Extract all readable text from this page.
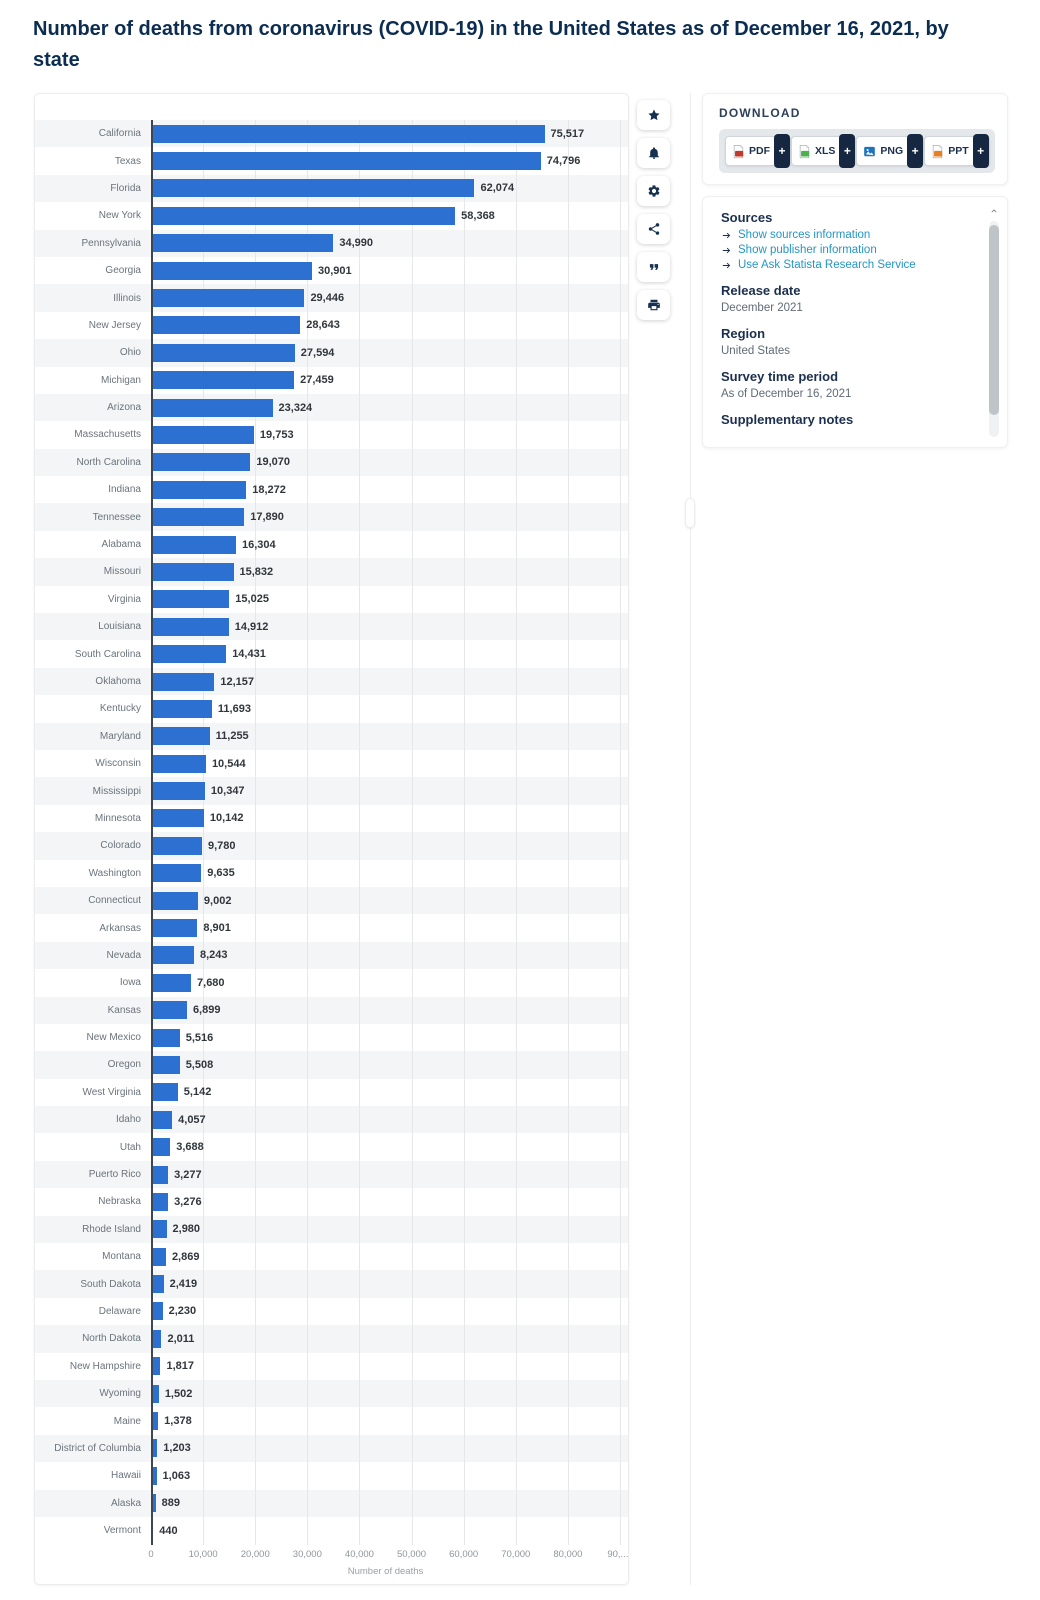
Number of deaths from coronavirus (COVID-19) in the United States as of December 16, 2021, by state
California	75,517
Texas	74,796
Florida	62,074
New York	58,368
Pennsylvania	34,990
Georgia	30,901
Illinois	29,446
New Jersey	28,643
Ohio	27,594
Michigan	27,459
Arizona	23,324
Massachusetts	19,753
North Carolina	19,070
Indiana	18,272
Tennessee	17,890
Alabama	16,304
Missouri	15,832
Virginia	15,025
Louisiana	14,912
South Carolina	14,431
Oklahoma	12,157
Kentucky	11,693
Maryland	11,255
Wisconsin	10,544
Mississippi	10,347
Minnesota	10,142
Colorado	9,780
Washington	9,635
Connecticut	9,002
Arkansas	8,901
Nevada	8,243
Iowa	7,680
Kansas	6,899
New Mexico	5,516
Oregon	5,508
West Virginia	5,142
Idaho	4,057
Utah	3,688
Puerto Rico	3,277
Nebraska	3,276
Rhode Island	2,980
Montana	2,869
South Dakota	2,419
Delaware	2,230
North Dakota	2,011
New Hampshire	1,817
Wyoming	1,502
Maine	1,378
District of Columbia	1,203
Hawaii	1,063
Alaska	889
Vermont	440
0	10,000 20,000 30,000 40,000 50,000 60,000 70,000 80,000	90,...
Number of deaths
DOWNLOAD
PDF +	XLS +	PNG +	PPT +
Sources
Show sources information
Show publisher information
Use Ask Statista Research Service
Release date
December 2021
Region
United States
Survey time period
As of December 16, 2021
Supplementary notes
